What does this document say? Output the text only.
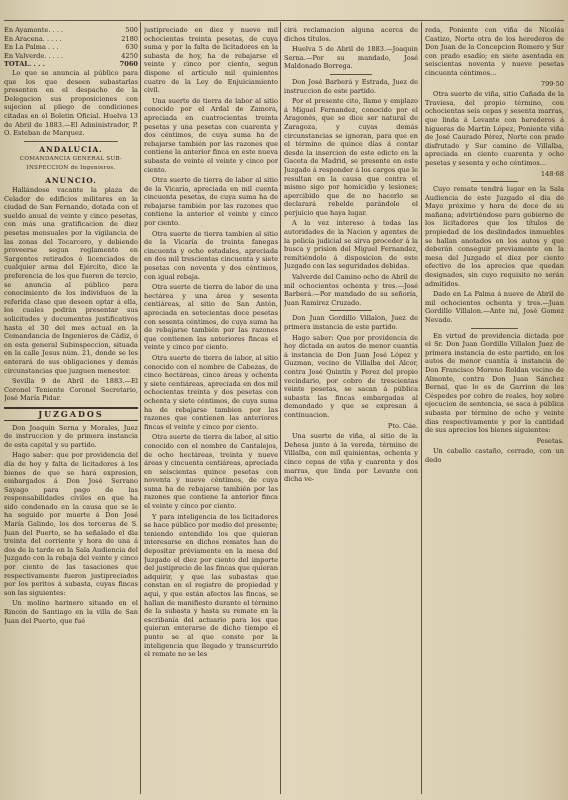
En Ayamonte. . . .	500
En Aracena. . . . .	2180
En La Palma . . .	630
En Valverde. . . . .	4250
TOTAL. . . .	7060

Lo que se anuncia al público para que los que deseen subastarlas presenten en el despacho de la Delegacion sus proposiciones con sujecion al pliego de condiciones citadas en el Boletin Oficial. Huelva 13 de Abril de 1883.—El Administrador, P. O. Esteban de Marquez.

ANDALUCIA.
COMANDANCIA GENERAL SUB-INSPECCION de Ingenieros.
ANUNCIO.

Hallándose vacante la plaza de Celador de edificios militares en la ciudad de San Fernando, dotada con el sueldo anual de veinte y cinco pesetas, con más una gratificacion de diez pesetas mensuales por la vigilancia de las zonas del Tocarcero, y debiendo proveerse segun reglamento en Sargentos retirados ó licenciados de cualquier arma del Ejército, dice la preferencia de los que fueren de tercio, se anuncia al público para conocimiento de los individuos de la referida clase que deseen optar á ella, los cuales podrán presentar sus solicitudes y documentos justificativos hasta el 30 del mes actual en la Comandancia de Ingenieros de Cádiz, ó en esta general Subinspeccion, situada en la calle Jesus núm. 21, donde se les enterará de sus obligaciones y demás circunstancias que juzguen menester.

Sevilla 9 de Abril de 1883.—El Coronel Teniente Coronel Secretario, José María Pidar.

JUZGADOS

Don Joaquin Serna y Morales, Juez de instruccion y de primera instancia de esta capital y su partido.

Hago saber: que por providencia del día de hoy y falta de licitadores á los bienes de que se hará expresion, embargados á Don José Serrano Sayago para pago de las responsabilidades civiles en que ha sido condenado en la causa que se le ha seguido por muerte á Don José María Galindo, los dos terceras de S. Juan del Puerto, se ha señalado el dia treinta del corriente y hora de una á dos de la tarde en la Sala Audiencia del Juzgado con la rebaja del veinte y cinco por ciento de las tasaciones que respectivamente fueron justipreciados por los peritos á subasta, cuyas fincas son las siguientes:

Un molino harinero situado en el Rincón de Santiago en la villa de San Juan del Puerto, que fué

justipreciado en diez y nueve mil ochocientas treinta pesetas, de cuya suma y por la falta de licitadores en la subasta de hoy, ha de rebajarse el veinte y cinco por ciento, segun dispone el articulo mil quinientos cuatro de la Ley de Enjuiciamiento civil.

Una suerte de tierra de labor al sitio conocido por el Ardal de Zamora, apreciada en cuatrocientas treinta pesetas y una pesetas con cuarenta y dos céntimos, de cuya suma ha de rebajarse también por las razones que contiene la anterior finca en este nueva subasta de veinte el veinte y cinco por ciento.

Otra suerte de tierra de labor al sitio de la Vicaría, apreciada en mil cuenta cincuenta pesetas, de cuya suma ha de rebajarse también por las razones que contiene la anterior el veinte y cinco por ciento.

Otra suerte de tierra tambien al sitio de la Vicaría de treinta fanegas cincuenta y ocho estadales, apreciada en dos mil trescientas cincuenta y siete pesetas con noventa y dos céntimos, con igual rebaja.

Otra suerte de tierra de labor de una hectárea y una área y sesenta centiáreas, al sitio de San Antón, apreciada en setecientas doce pesetas con sesenta céntimos, de cuya suma ha de rebajarse también por las razones que contienen las anteriores fincas el veinte y cinco por ciento.

Otra suerte de tierra de labor, al sitio conocido con el nombre de Cabezas, de cinco hectáreas, cinco áreas y ochenta y siete centiáreas, apreciada en dos mil ochocientas treinta y dos pesetas con ochenta y siete céntimos, de cuya suma ha de rebajarse tambien por las razones que contienen las anteriores fincas el veinte y cinco por ciento.

Otra suerte de tierra de labor, al sitio conocido con el nombre de Cantalejos, de ocho hectáreas, treinta y nueve áreas y cincuenta centiáreas, apreciada en seiscientas quince pesetas con noventa y nueve céntimos, de cuya suma ha de rebajarse también por las razones que contiene la anterior finca el veinte y cinco por ciento.

Y para inteligencia de los licitadores se hace público por medio del presente; teniendo entendido los que quieran interesarse en dichos remates han de depositar préviamente en la mesa del Juzgado el diez por ciento del importe del justiprecio de las fincas que quieran adquirir, y que las subastas que constan en el registro de propiedad y aqui, y que están afectos las fincas, se hallan de manifiesto durante el término de la subasta y hasta su remate en la escribanía del actuario para los que quieran enterarse de dicho tiempo el punto se al que conste por la inteligencia que llegado y transcurrido el remate no se les

cirá reclamacion alguna acerca de dichos títulos.

Huelva 5 de Abril de 1883.—Joaquin Serna.—Por su mandado, José Maldonado Borrega.

Don José Barberá y Estrada, Juez de instruccion de este partido.

Por el presente cito, llamo y emplazo á Miguel Fernandez, conocido por el Aragonés, que se dice ser natural de Zaragoza, y cuyas demás circunstancias se ignoran, para que en el término de quince días á contar desde la insercion de este edicto en la Gaceta de Madrid, se presente en este Juzgado á responder á los cargos que le resultan en la causa que contra el mismo sigo por homicidio y lesiones; apercibido que de no hacerlo se declarará rebelde parándole el perjuicio que haya lugar.

A la vez intereso á todas las autoridades de la Nacion y agentes de la policía judicial se sirva proceder á la busca y prision del Miguel Fernandez, remitiéndolo á disposicion de este Juzgado con las seguridades debidas.

Valverde del Camino ocho de Abril de mil ochocientos ochenta y tres.—José Barberá.—Por mandado de su señoría, Juan Ramirez Cruzado.

Don Juan Gordillo Villalon, Juez de primera instancia de este partido.

Hago saber: Que por providencia de hoy dictada en autos de menor cuantía á instancia de Don Juan José López y Guzman, vecino de Villalba del Alcor, contra José Quintín y Perez del propio vecindario, por cobro de trescientas veinte pesetas, se sacan á pública subasta las fincas embargadas al demandado y que se expresan á continuacion.

Pto. Cáe.

Una suerte de viña, al sitio de la Dehesa junto á la vereda, término de Villalba, con mil quinientas, ochenta y cinco cepas de viña y cuarenta y dos marras, que linda por Levante con dicha ve-

reda, Poniente con viña de Nicolás Castizo, Norte otra de los herederos de Don Juan de la Concepcion Romero y Sur con prado esadío; en siete asentada en seiscientas noventa y nueve pesetas cincuenta céntimos...

799·50

Otra suerte de viña, sitio Cañada de la Traviesa, del propio término, con ochocientas seis cepas y sesenta marras, que linda á Levante con herederos á higueras de Martin López, Poniente viña de José Caurado Pérez, Norte con prado disfrutado y Sur camino de Villalba, apreciada en ciento cuarenta y ocho pesetas y sesenta y ocho céntimos...

148·68

Cuyo remate tendrá lugar en la Sala Audiencia de este Juzgado el dia de Mayo próximo y hora de doce de su mañana; advirtiéndose para gobierno de los licitadores que los títulos de propiedad de los deslindados inmuebles se hallan anotados en los autos y que deberán conseguir previamente en la mesa del Juzgado el diez por ciento efectivo de los aprecios que quedan designados, sin cuyo requisito no serán admitidos.

Dado en La Palma á nueve de Abril de mil ochocientos ochenta y tres.—Juan Gordillo Villalon.—Ante mí, José Gomez Nevado.

En virtud de providencia dictada por el Sr. Don Juan Gordillo Villalon Juez de primera instancia de este partido, en los autos de menor cuantía á instancia de Don Francisco Moreno Roldan vecino de Almonte, contra Don Juan Sánchez Bernal, que lo es de Garrion de los Céspedes por cobro de reales, hoy sobre ejecucion de sentencia, se saca á pública subasta por término de ocho y veinte dias respectivamente y por la cantidad de sus aprecios los bienes siguientes:

Pesetas.

Un caballo castaño, cerrado, con un dedo
